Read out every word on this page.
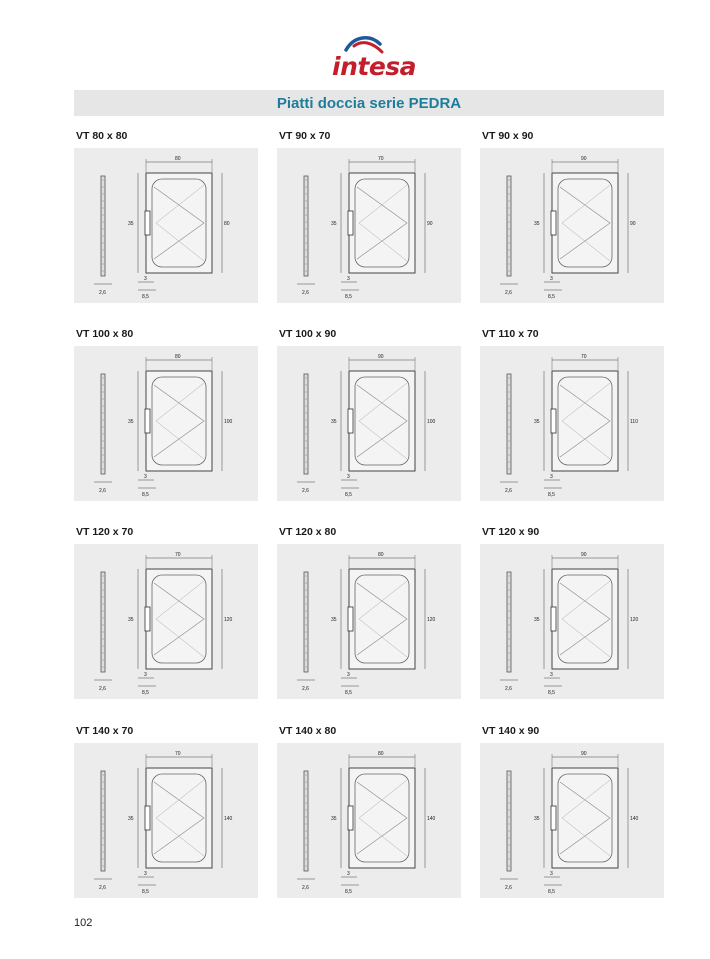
intesa
Piatti doccia serie PEDRA
VT 80 x 80
2,6
80
80
35
3
8,5
VT 90 x 70
2,6
70
90
35
3
8,5
VT 90 x 90
2,6
90
90
35
3
8,5
VT 100 x 80
2,6
80
100
35
3
8,5
VT 100 x 90
2,6
90
100
35
3
8,5
VT 110 x 70
2,6
70
110
35
3
8,5
VT 120 x 70
2,6
70
120
35
3
8,5
VT 120 x 80
2,6
80
120
35
3
8,5
VT 120 x 90
2,6
90
120
35
3
8,5
VT 140 x 70
2,6
70
140
35
3
8,5
VT 140 x 80
2,6
80
140
35
3
8,5
VT 140 x 90
2,6
90
140
35
3
8,5
102
